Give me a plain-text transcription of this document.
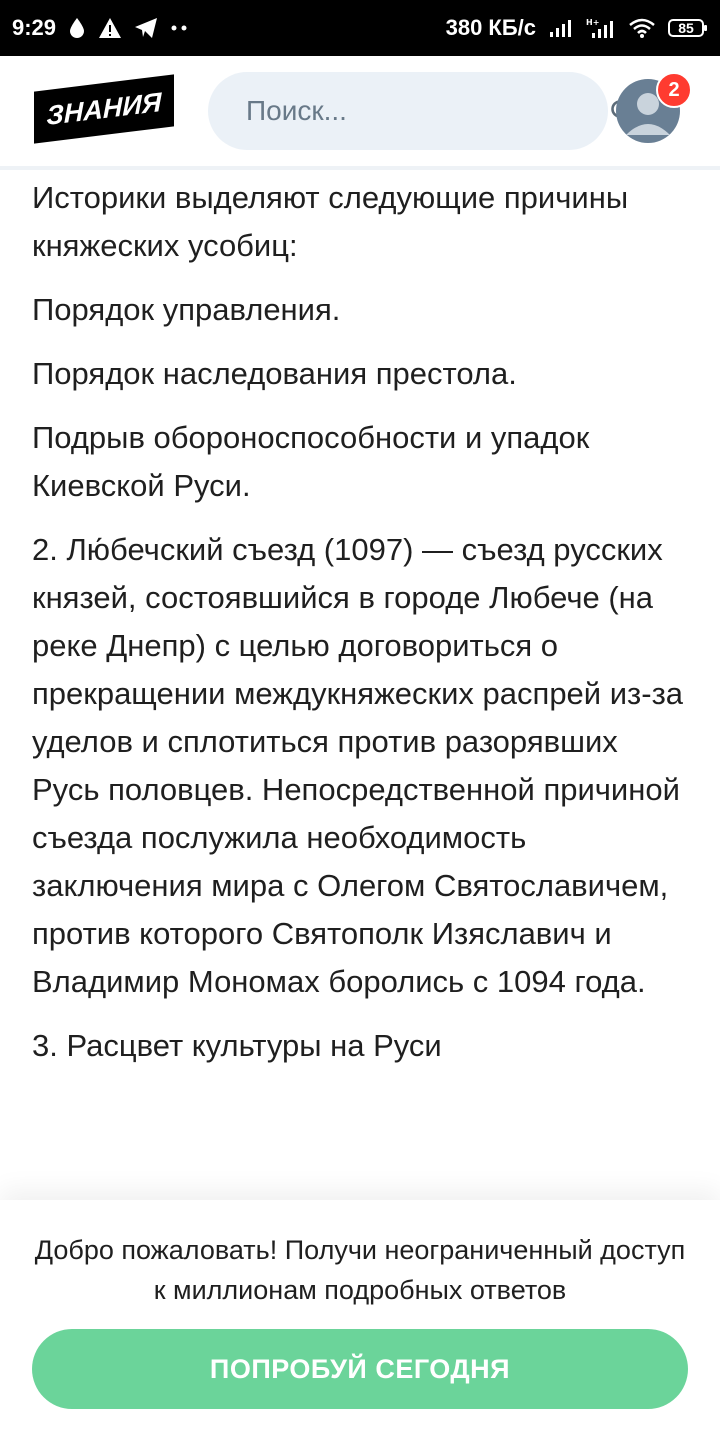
9:29	380 КБ/с	H+	85
ЗНАНИЯ
Поиск...	2

Историки выделяют следующие причины княжеских усобиц:

Порядок управления.

Порядок наследования престола.

Подрыв обороноспособности и упадок Киевской Руси.

2. Лю́бечский съезд (1097) — съезд русских князей, состоявшийся в городе Любече (на реке Днепр) с целью договориться о прекращении междукняжеских распрей из-за уделов и сплотиться против разорявших Русь половцев. Непосредственной причиной съезда послужила необходимость заключения мира с Олегом Святославичем, против которого Святополк Изяславич и Владимир Мономах боролись с 1094 года.

3. Расцвет культуры на Руси

Добро пожаловать! Получи неограниченный доступ к миллионам подробных ответов
ПОПРОБУЙ СЕГОДНЯ
